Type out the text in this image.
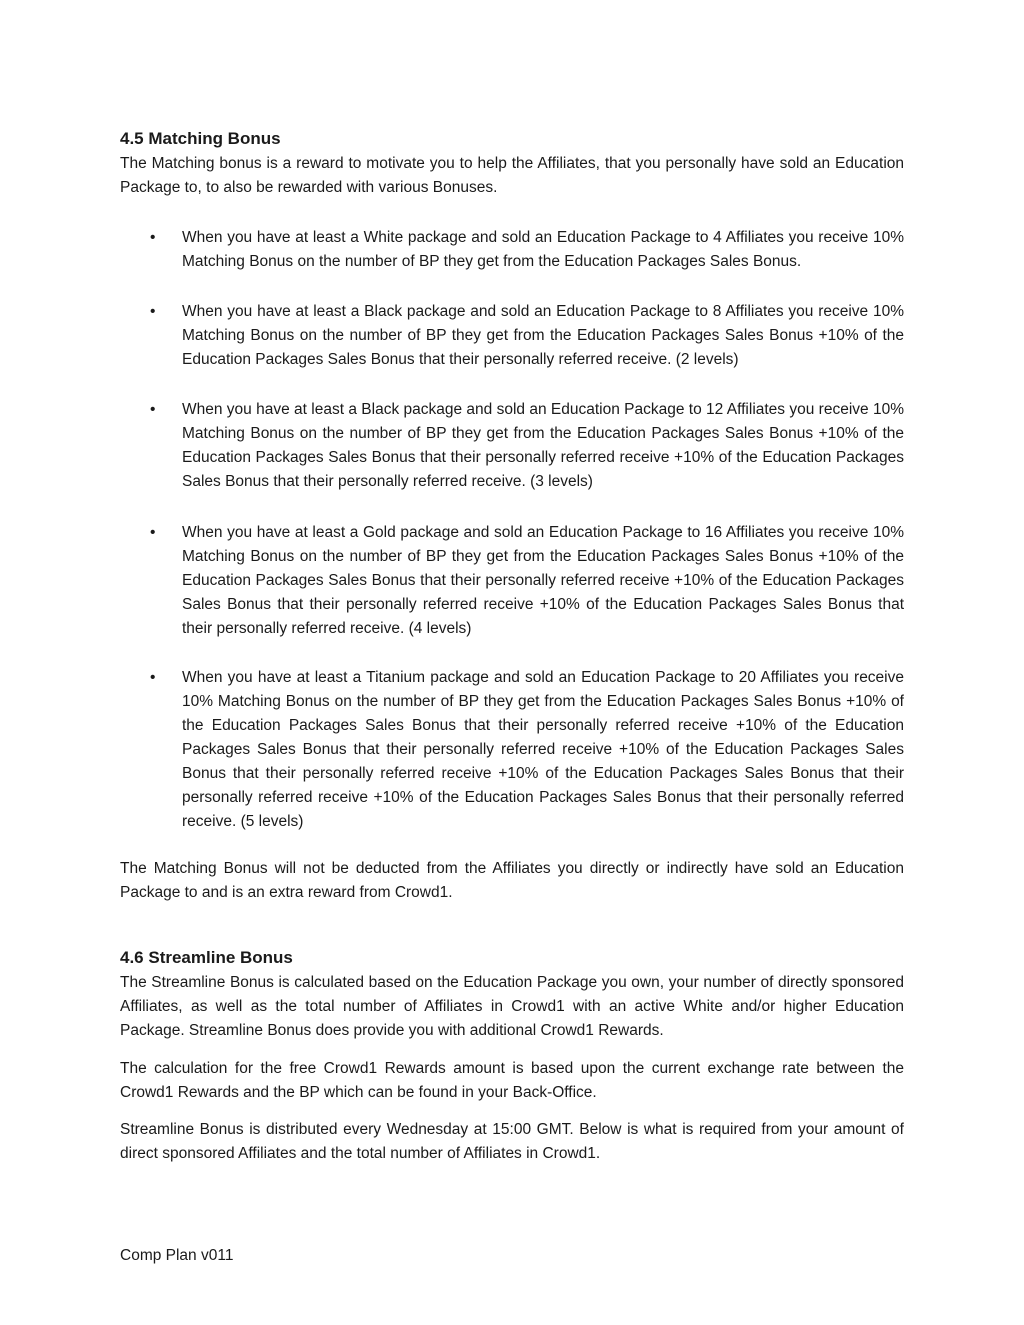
4.5 Matching Bonus

The Matching bonus is a reward to motivate you to help the Affiliates, that you personally have sold an Education Package to, to also be rewarded with various Bonuses.

• When you have at least a White package and sold an Education Package to 4 Affiliates you receive 10% Matching Bonus on the number of BP they get from the Education Packages Sales Bonus.
• When you have at least a Black package and sold an Education Package to 8 Affiliates you receive 10% Matching Bonus on the number of BP they get from the Education Packages Sales Bonus +10% of the Education Packages Sales Bonus that their personally referred receive. (2 levels)
• When you have at least a Black package and sold an Education Package to 12 Affiliates you receive 10% Matching Bonus on the number of BP they get from the Education Packages Sales Bonus +10% of the Education Packages Sales Bonus that their personally referred receive +10% of the Education Packages Sales Bonus that their personally referred receive. (3 levels)
• When you have at least a Gold package and sold an Education Package to 16 Affiliates you receive 10% Matching Bonus on the number of BP they get from the Education Packages Sales Bonus +10% of the Education Packages Sales Bonus that their personally referred receive +10% of the Education Packages Sales Bonus that their personally referred receive +10% of the Education Packages Sales Bonus that their personally referred receive. (4 levels)
• When you have at least a Titanium package and sold an Education Package to 20 Affiliates you receive 10% Matching Bonus on the number of BP they get from the Education Packages Sales Bonus +10% of the Education Packages Sales Bonus that their personally referred receive +10% of the Education Packages Sales Bonus that their personally referred receive +10% of the Education Packages Sales Bonus that their personally referred receive +10% of the Education Packages Sales Bonus that their personally referred receive +10% of the Education Packages Sales Bonus that their personally referred receive. (5 levels)

The Matching Bonus will not be deducted from the Affiliates you directly or indirectly have sold an Education Package to and is an extra reward from Crowd1.

4.6 Streamline Bonus

The Streamline Bonus is calculated based on the Education Package you own, your number of directly sponsored Affiliates, as well as the total number of Affiliates in Crowd1 with an active White and/or higher Education Package. Streamline Bonus does provide you with additional Crowd1 Rewards.

The calculation for the free Crowd1 Rewards amount is based upon the current exchange rate between the Crowd1 Rewards and the BP which can be found in your Back-Office.

Streamline Bonus is distributed every Wednesday at 15:00 GMT. Below is what is required from your amount of direct sponsored Affiliates and the total number of Affiliates in Crowd1.

Comp Plan v011
